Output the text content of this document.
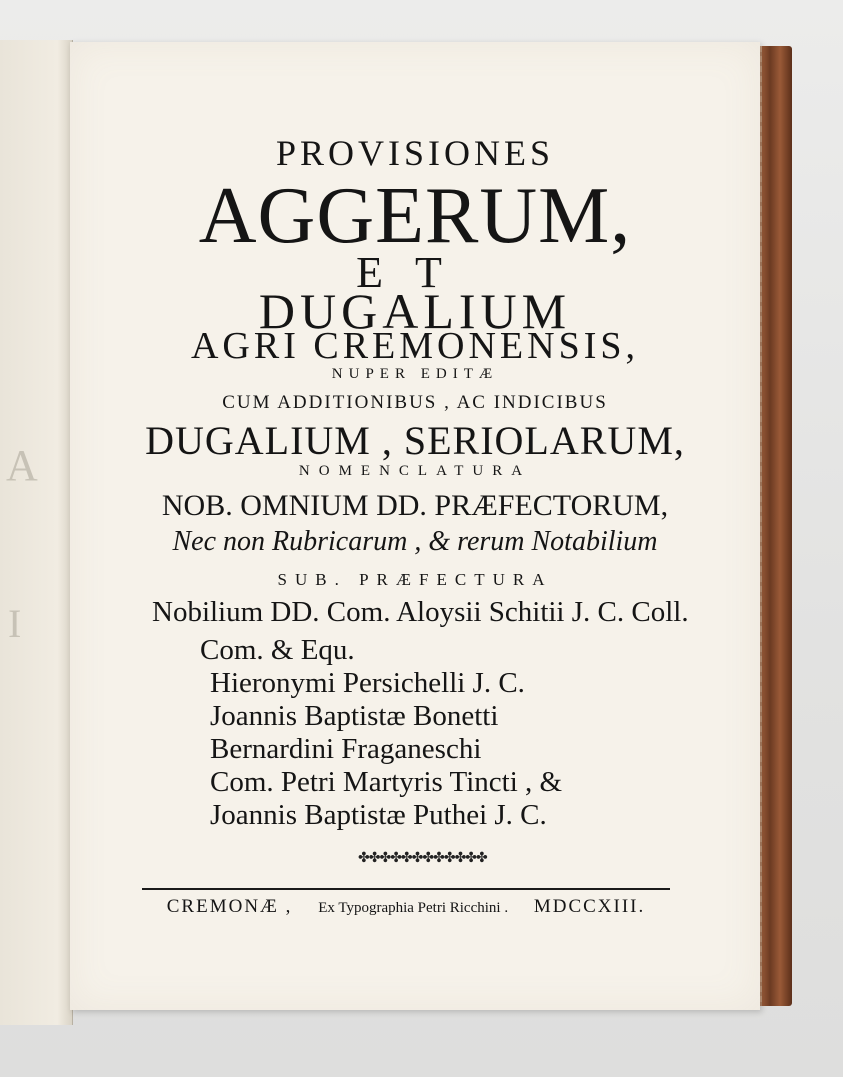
A
I
PROVISIONES
AGGERUM,
ET
DUGALIUM
AGRI CREMONENSIS,
NUPER EDITÆ
CUM ADDITIONIBUS , AC INDICIBUS
DUGALIUM , SERIOLARUM,
NOMENCLATURA
NOB. OMNIUM DD. PRÆFECTORUM,
Nec non Rubricarum , & rerum Notabilium
SUB. PRÆFECTURA
Nobilium DD. Com. Aloysii Schitii J. C. Coll.
Com. & Equ.
Hieronymi Persichelli J. C.
Joannis Baptistæ Bonetti
Bernardini Fraganeschi
Com. Petri Martyris Tincti , &
Joannis Baptistæ Puthei J. C.
✤✤✤✤✤✤✤✤✤✤✤✤
CREMONÆ , Ex Typographia Petri Ricchini . MDCCXIII.
